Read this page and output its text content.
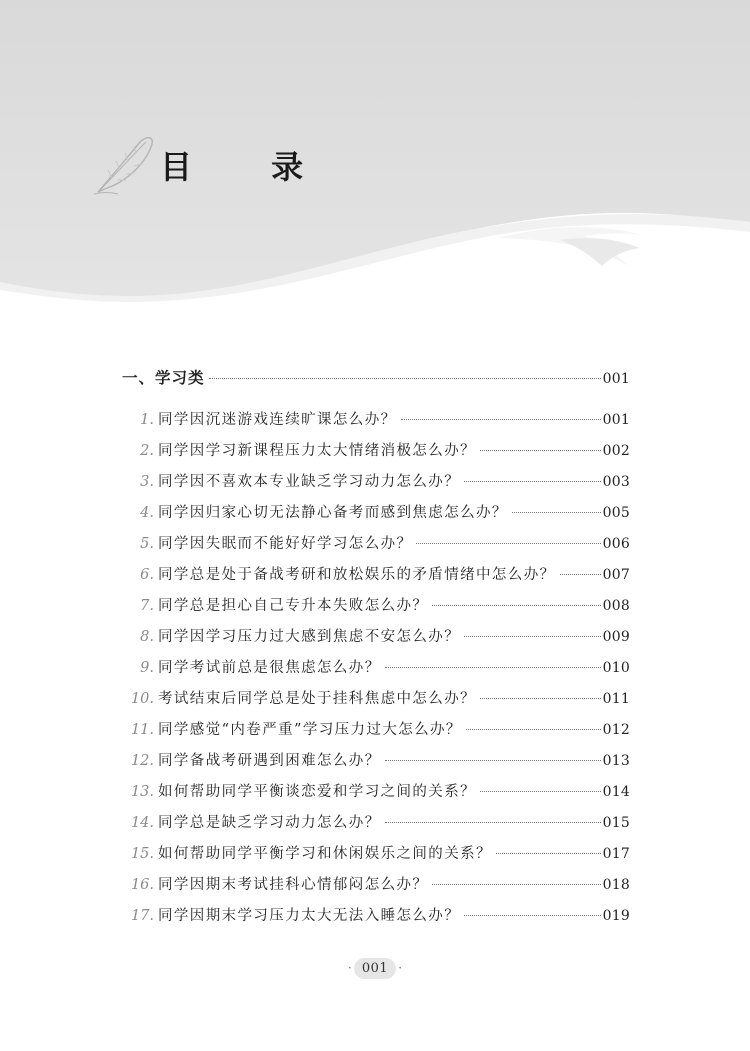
目 录
一、学习类	001
1. 同学因沉迷游戏连续旷课怎么办？	001
2. 同学因学习新课程压力太大情绪消极怎么办？	002
3. 同学因不喜欢本专业缺乏学习动力怎么办？	003
4. 同学因归家心切无法静心备考而感到焦虑怎么办？	005
5. 同学因失眠而不能好好学习怎么办？	006
6. 同学总是处于备战考研和放松娱乐的矛盾情绪中怎么办？	007
7. 同学总是担心自己专升本失败怎么办？	008
8. 同学因学习压力过大感到焦虑不安怎么办？	009
9. 同学考试前总是很焦虑怎么办？	010
10. 考试结束后同学总是处于挂科焦虑中怎么办？	011
11. 同学感觉“内卷严重”学习压力过大怎么办？	012
12. 同学备战考研遇到困难怎么办？	013
13. 如何帮助同学平衡谈恋爱和学习之间的关系？	014
14. 同学总是缺乏学习动力怎么办？	015
15. 如何帮助同学平衡学习和休闲娱乐之间的关系？	017
16. 同学因期末考试挂科心情郁闷怎么办？	018
17. 同学因期末学习压力太大无法入睡怎么办？	019
· 001 ·
